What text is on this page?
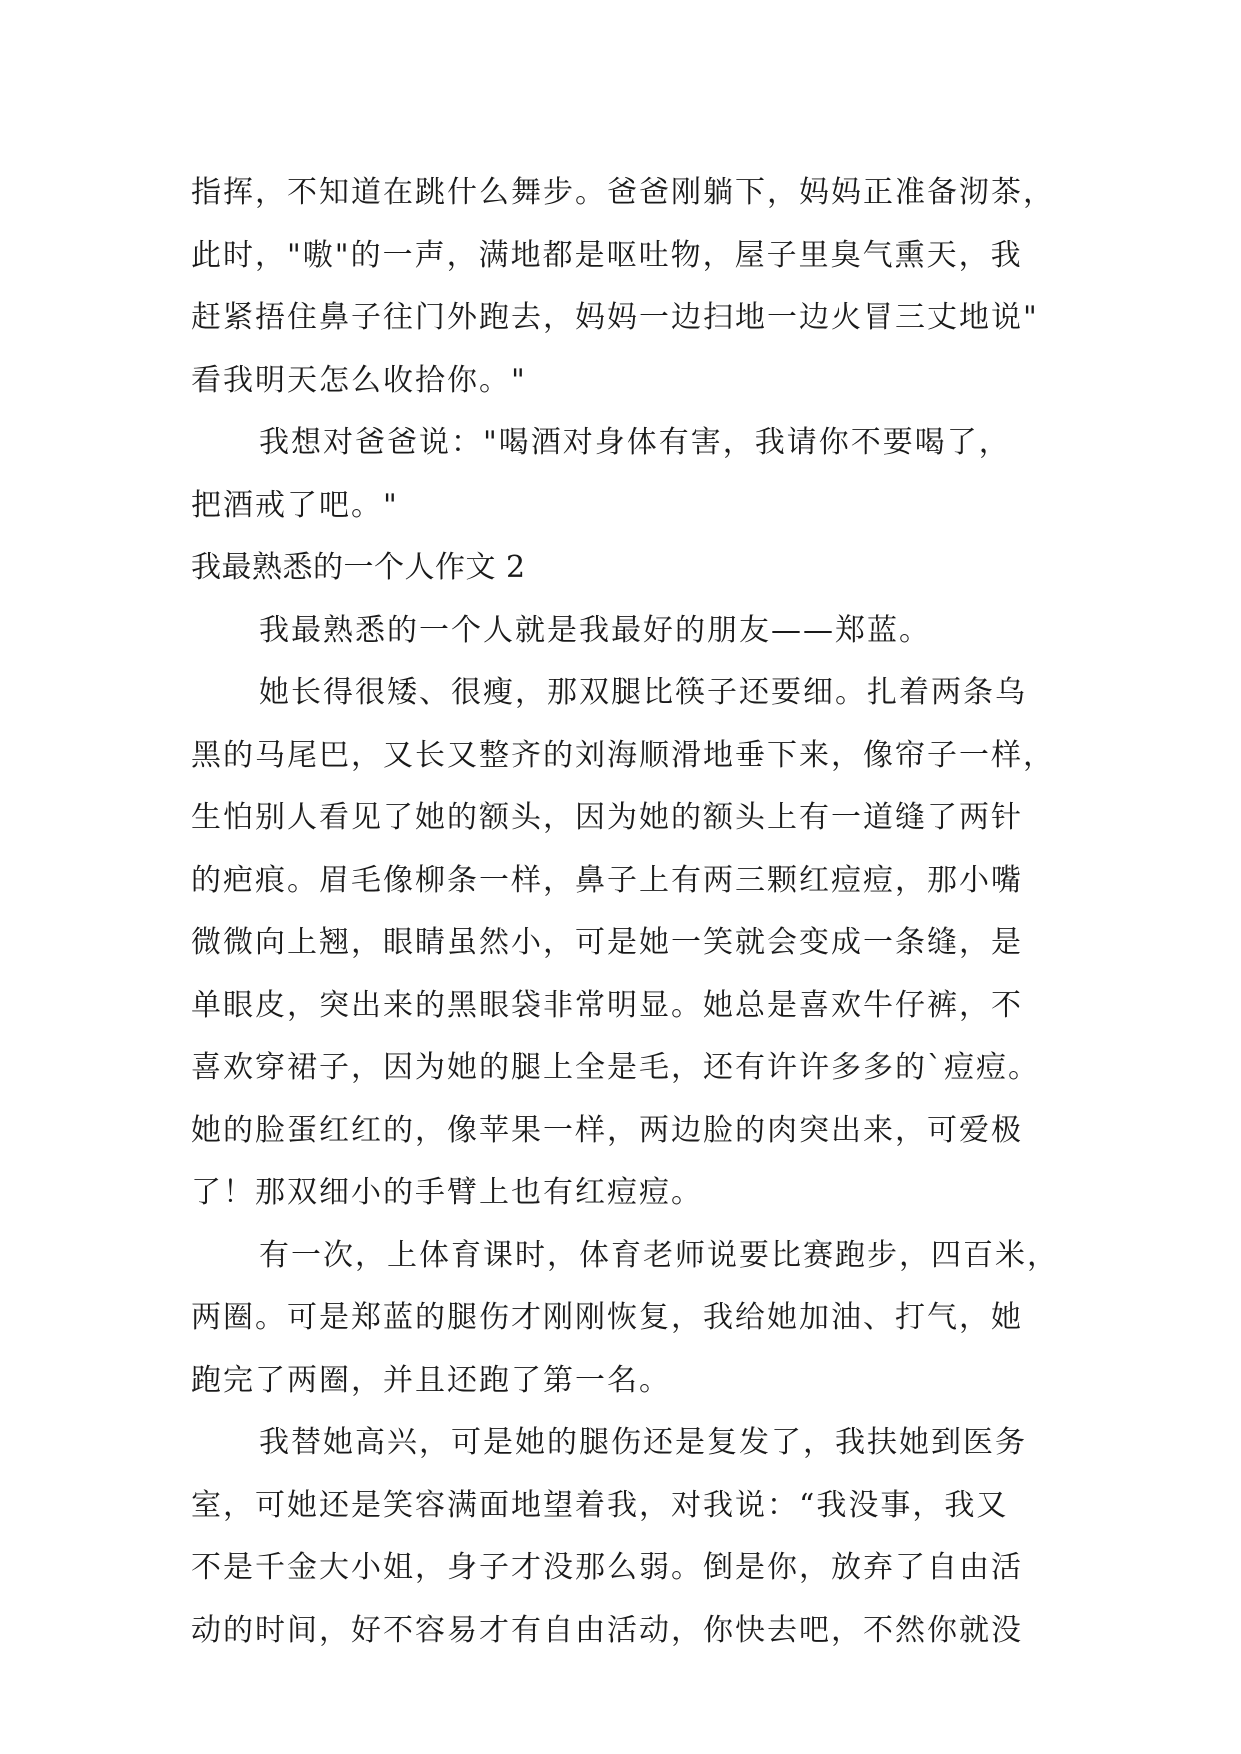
指挥，不知道在跳什么舞步。爸爸刚躺下，妈妈正准备沏茶，
此时，"嗷"的一声，满地都是呕吐物，屋子里臭气熏天，我
赶紧捂住鼻子往门外跑去，妈妈一边扫地一边火冒三丈地说"
看我明天怎么收拾你。"
我想对爸爸说："喝酒对身体有害，我请你不要喝了，
把酒戒了吧。"
我最熟悉的一个人作文 2
我最熟悉的一个人就是我最好的朋友——郑蓝。
她长得很矮、很瘦，那双腿比筷子还要细。扎着两条乌
黑的马尾巴，又长又整齐的刘海顺滑地垂下来，像帘子一样，
生怕别人看见了她的额头，因为她的额头上有一道缝了两针
的疤痕。眉毛像柳条一样，鼻子上有两三颗红痘痘，那小嘴
微微向上翘，眼睛虽然小，可是她一笑就会变成一条缝，是
单眼皮，突出来的黑眼袋非常明显。她总是喜欢牛仔裤，不
喜欢穿裙子，因为她的腿上全是毛，还有许许多多的`痘痘。
她的脸蛋红红的，像苹果一样，两边脸的肉突出来，可爱极
了！那双细小的手臂上也有红痘痘。
有一次，上体育课时，体育老师说要比赛跑步，四百米，
两圈。可是郑蓝的腿伤才刚刚恢复，我给她加油、打气，她
跑完了两圈，并且还跑了第一名。
我替她高兴，可是她的腿伤还是复发了，我扶她到医务
室，可她还是笑容满面地望着我，对我说：“我没事，我又
不是千金大小姐，身子才没那么弱。倒是你，放弃了自由活
动的时间，好不容易才有自由活动，你快去吧，不然你就没
